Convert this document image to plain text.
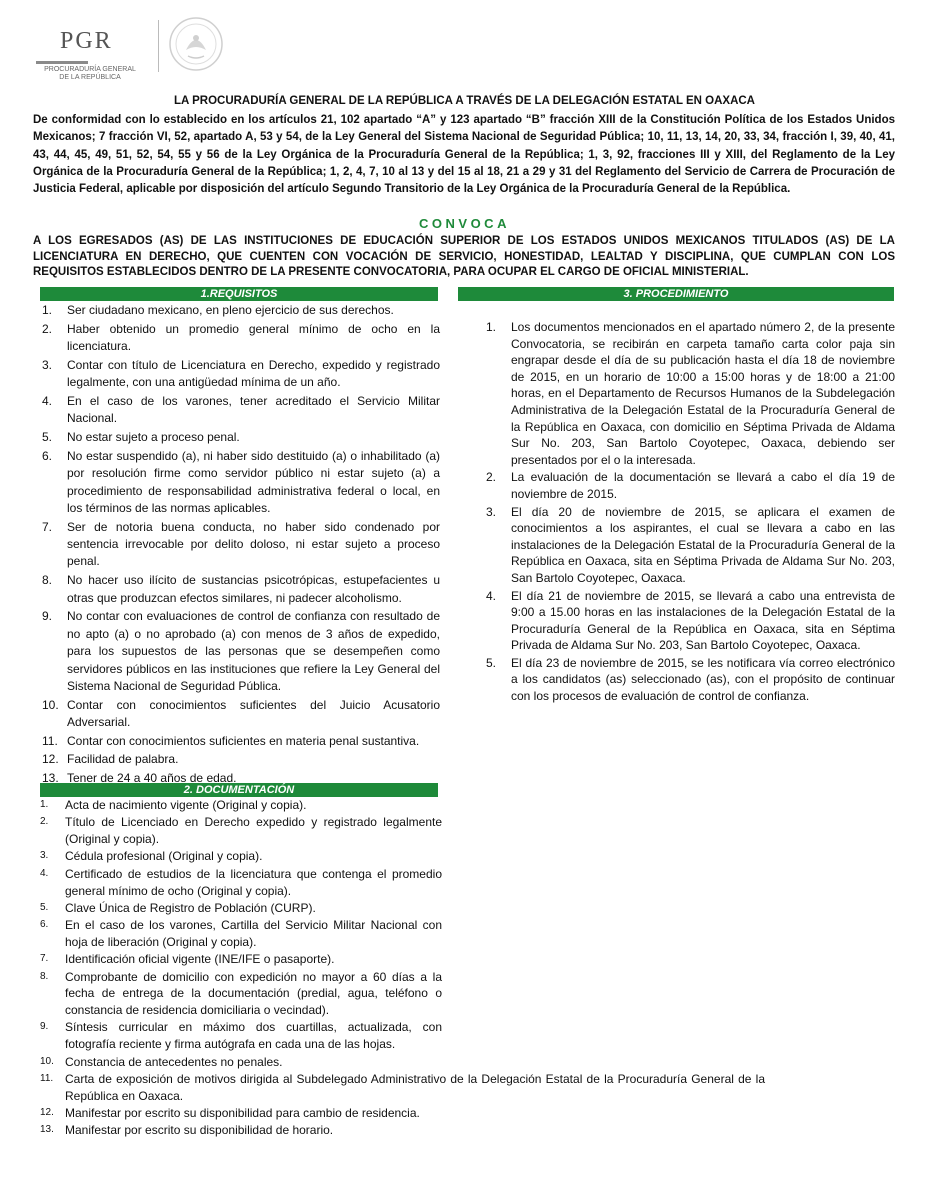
PGR
PROCURADURÍA GENERAL DE LA REPÚBLICA
LA PROCURADURÍA GENERAL DE LA REPÚBLICA A TRAVÉS DE LA DELEGACIÓN ESTATAL EN OAXACA
De conformidad con lo establecido en los artículos 21, 102 apartado “A” y 123 apartado “B” fracción XIII de la Constitución Política de los Estados Unidos Mexicanos; 7 fracción VI, 52, apartado A, 53 y 54, de la Ley General del Sistema Nacional de Seguridad Pública; 10, 11, 13, 14, 20, 33, 34, fracción I, 39, 40, 41, 43, 44, 45, 49, 51, 52, 54, 55 y 56 de la Ley Orgánica de la Procuraduría General de la República; 1, 3, 92, fracciones III y XIII, del Reglamento de la Ley Orgánica de la Procuraduría General de la República; 1, 2, 4, 7, 10 al 13 y del 15 al 18, 21 a 29 y 31 del Reglamento del Servicio de Carrera de Procuración de Justicia Federal, aplicable por disposición del artículo Segundo Transitorio de la Ley Orgánica de la Procuraduría General de la República.
CONVOCA
A LOS EGRESADOS (AS) DE LAS INSTITUCIONES DE EDUCACIÓN SUPERIOR DE LOS ESTADOS UNIDOS MEXICANOS TITULADOS (AS) DE LA LICENCIATURA EN DERECHO, QUE CUENTEN CON VOCACIÓN DE SERVICIO, HONESTIDAD, LEALTAD Y DISCIPLINA, QUE CUMPLAN CON LOS REQUISITOS ESTABLECIDOS DENTRO DE LA PRESENTE CONVOCATORIA, PARA OCUPAR EL CARGO DE OFICIAL MINISTERIAL.
1.REQUISITOS	3. PROCEDIMIENTO
2. DOCUMENTACIÓN
1. Ser ciudadano mexicano, en pleno ejercicio de sus derechos.
2. Haber obtenido un promedio general mínimo de ocho en la licenciatura.
3. Contar con título de Licenciatura en Derecho, expedido y registrado legalmente, con una antigüedad mínima de un año.
4. En el caso de los varones, tener acreditado el Servicio Militar Nacional.
5. No estar sujeto a proceso penal.
6. No estar suspendido (a), ni haber sido destituido (a) o inhabilitado (a) por resolución firme como servidor público ni estar sujeto (a) a procedimiento de responsabilidad administrativa federal o local, en los términos de las normas aplicables.
7. Ser de notoria buena conducta, no haber sido condenado por sentencia irrevocable por delito doloso, ni estar sujeto a proceso penal.
8. No hacer uso ilícito de sustancias psicotrópicas, estupefacientes u otras que produzcan efectos similares, ni padecer alcoholismo.
9. No contar con evaluaciones de control de confianza con resultado de no apto (a) o no aprobado (a) con menos de 3 años de expedido, para los supuestos de las personas que se desempeñen como servidores públicos en las instituciones que refiere la Ley General del Sistema Nacional de Seguridad Pública.
10. Contar con conocimientos suficientes del Juicio Acusatorio Adversarial.
11. Contar con conocimientos suficientes en materia penal sustantiva.
12. Facilidad de palabra.
13. Tener de 24 a 40 años de edad.
1. Los documentos mencionados en el apartado número 2, de la presente Convocatoria, se recibirán en carpeta tamaño carta color paja sin engrapar desde el día de su publicación hasta el día 18 de noviembre de 2015, en un horario de 10:00 a 15:00 horas y de 18:00 a 21:00 horas, en el Departamento de Recursos Humanos de la Subdelegación Administrativa de la Delegación Estatal de la Procuraduría General de la República en Oaxaca, con domicilio en Séptima Privada de Aldama Sur No. 203, San Bartolo Coyotepec, Oaxaca, debiendo ser presentados por el o la interesada.
2. La evaluación de la documentación se llevará a cabo el día 19 de noviembre de 2015.
3. El día 20 de noviembre de 2015, se aplicara el examen de conocimientos a los aspirantes, el cual se llevara a cabo en las instalaciones de la Delegación Estatal de la Procuraduría General de la República en Oaxaca, sita en Séptima Privada de Aldama Sur No. 203, San Bartolo Coyotepec, Oaxaca.
4. El día 21 de noviembre de 2015, se llevará a cabo una entrevista de 9:00 a 15.00 horas en las instalaciones de la Delegación Estatal de la Procuraduría General de la República en Oaxaca, sita en Séptima Privada de Aldama Sur No. 203, San Bartolo Coyotepec, Oaxaca.
5. El día 23 de noviembre de 2015, se les notificara vía correo electrónico a los candidatos (as) seleccionado (as), con el propósito de continuar con los procesos de evaluación de control de confianza.
1. Acta de nacimiento vigente (Original y copia).
2. Título de Licenciado en Derecho expedido y registrado legalmente (Original y copia).
3. Cédula profesional (Original y copia).
4. Certificado de estudios de la licenciatura que contenga el promedio general mínimo de ocho (Original y copia).
5. Clave Única de Registro de Población (CURP).
6. En el caso de los varones, Cartilla del Servicio Militar Nacional con hoja de liberación (Original y copia).
7. Identificación oficial vigente (INE/IFE o pasaporte).
8. Comprobante de domicilio con expedición no mayor a 60 días a la fecha de entrega de la documentación (predial, agua, teléfono o constancia de residencia domiciliaria o vecindad).
9. Síntesis curricular en máximo dos cuartillas, actualizada, con fotografía reciente y firma autógrafa en cada una de las hojas.
10. Constancia de antecedentes no penales.
11. Carta de exposición de motivos dirigida al Subdelegado Administrativo de la Delegación Estatal de la Procuraduría General de la República en Oaxaca.
12. Manifestar por escrito su disponibilidad para cambio de residencia.
13. Manifestar por escrito su disponibilidad de horario.
